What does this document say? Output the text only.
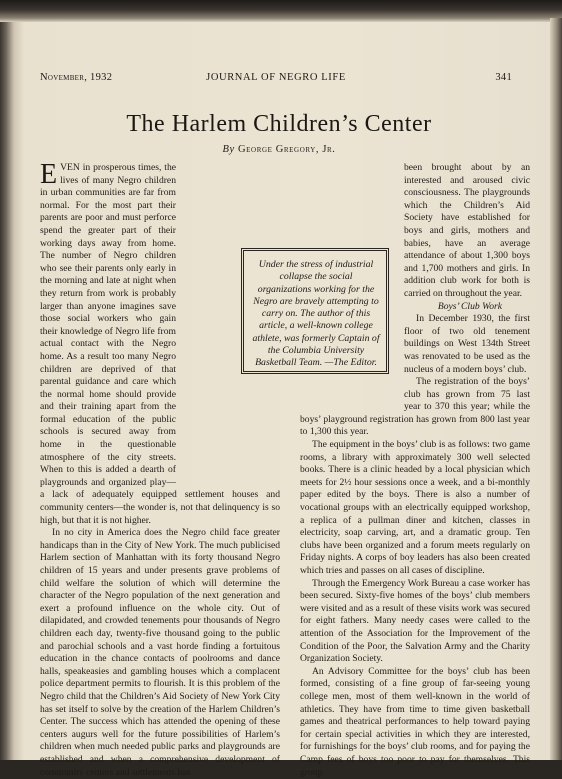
November, 1932	JOURNAL OF NEGRO LIFE	341
The Harlem Children’s Center
By George Gregory, Jr.

EVEN in prosperous times, the lives of many Negro children in urban communities are far from normal. For the most part their parents are poor and must perforce spend the greater part of their working days away from home. The number of Negro children who see their parents only early in the morning and late at night when they return from work is probably larger than anyone imagines save those social workers who gain their knowledge of Negro life from actual contact with the Negro home. As a result too many Negro children are deprived of that parental guidance and care which the normal home should provide and their training apart from the formal education of the public schools is secured away from home in the questionable atmosphere of the city streets. When to this is added a dearth of playgrounds and organized play—a lack of adequately equipped settlement houses and community centers—the wonder is, not that delinquency is so high, but that it is not higher.

In no city in America does the Negro child face greater handicaps than in the City of New York. The much publicised Harlem section of Manhattan with its forty thousand Negro children of 15 years and under presents grave problems of child welfare the solution of which will determine the character of the Negro population of the next generation and exert a profound influence on the whole city. Out of dilapidated, and crowded tenements pour thousands of Negro children each day, twenty-five thousand going to the public and parochial schools and a vast horde finding a fortuitous education in the chance contacts of poolrooms and dance halls, speakeasies and gambling houses which a complacent police department permits to flourish. It is this problem of the Negro child that the Children’s Aid Society of New York City has set itself to solve by the creation of the Harlem Children’s Center. The success which has attended the opening of these centers augurs well for the future possibilities of Harlem’s children when much needed public parks and playgrounds are established and when a comprehensive development of community centers and settlements has

been brought about by an interested and aroused civic consciousness. The playgrounds which the Children’s Aid Society have established for boys and girls, mothers and babies, have an average attendance of about 1,300 boys and 1,700 mothers and girls. In addition club work for both is carried on throughout the year.

Boys’ Club Work

In December 1930, the first floor of two old tenement buildings on West 134th Street was renovated to be used as the nucleus of a modern boys’ club.

The registration of the boys’ club has grown from 75 last year to 370 this year; while the boys’ playground registration has grown from 800 last year to 1,300 this year.

The equipment in the boys’ club is as follows: two game rooms, a library with approximately 300 well selected books. There is a clinic headed by a local physician which meets for 2½ hour sessions once a week, and a bi-monthly paper edited by the boys. There is also a number of vocational groups with an electrically equipped workshop, a replica of a pullman diner and kitchen, classes in electricity, soap carving, art, and a dramatic group. Ten clubs have been organized and a forum meets regularly on Friday nights. A corps of boy leaders has also been created which tries and passes on all cases of discipline.

Through the Emergency Work Bureau a case worker has been secured. Sixty-five homes of the boys’ club members were visited and as a result of these visits work was secured for eight fathers. Many needy cases were called to the attention of the Association for the Improvement of the Condition of the Poor, the Salvation Army and the Charity Organization Society.

An Advisory Committee for the boys’ club has been formed, consisting of a fine group of far-seeing young college men, most of them well-known in the world of athletics. They have from time to time given basketball games and theatrical performances to help toward paying for certain special activities in which they are interested, for furnishings for the boys’ club rooms, and for paying the Camp fees of boys too poor to pay for themselves. This group

Under the stress of industrial collapse the social organizations working for the Negro are bravely attempting to carry on. The author of this article, a well-known college athlete, was formerly Captain of the Columbia University Basketball Team. —The Editor.
